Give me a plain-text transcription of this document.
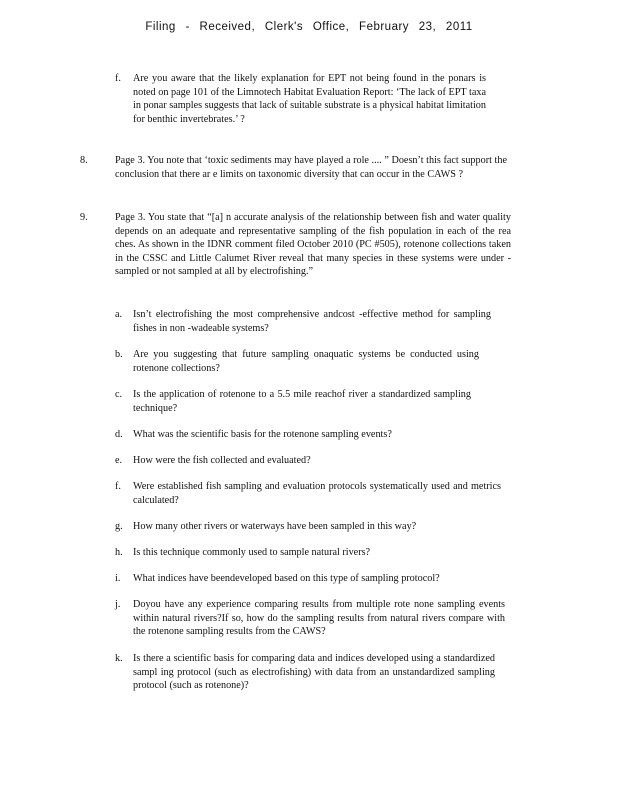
Filing - Received, Clerk's Office, February 23, 2011
f. Are you aware that the likely explanation for EPT not being found in the ponars is noted on page 101 of the Limnotech Habitat Evaluation Report: ‘The lack of EPT taxa in ponar samples suggests that lack of suitable substrate is a physical habitat limitation for benthic invertebrates.’ ?
8.	Page 3. You note that ‘toxic sediments may have played a role .... ” Doesn’t this fact support the conclusion that there ar e limits on taxonomic diversity that can occur in the CAWS ?
9.	Page 3. You state that “[a] n accurate analysis of the relationship between fish and water quality depends on an adequate and representative sampling of the fish population in each of the rea ches. As shown in the IDNR comment filed October 2010 (PC #505), rotenone collections taken in the CSSC and Little Calumet River reveal that many species in these systems were under -sampled or not sampled at all by electrofishing.”
a. Isn’t electrofishing the most comprehensive andcost -effective method for sampling fishes in non -wadeable systems?
b. Are you suggesting that future sampling onaquatic systems be conducted using rotenone collections?
c. Is the application of rotenone to a 5.5 mile reachof river a standardized sampling technique?
d. What was the scientific basis for the rotenone sampling events?
e. How were the fish collected and evaluated?
f. Were established fish sampling and evaluation protocols systematically used and metrics calculated?
g. How many other rivers or waterways have been sampled in this way?
h. Is this technique commonly used to sample natural rivers?
i. What indices have beendeveloped based on this type of sampling protocol?
j. Doyou have any experience comparing results from multiple rote none sampling events within natural rivers?If so, how do the sampling results from natural rivers compare with the rotenone sampling results from the CAWS?
k. Is there a scientific basis for comparing data and indices developed using a standardized sampl ing protocol (such as electrofishing) with data from an unstandardized sampling protocol (such as rotenone)?
